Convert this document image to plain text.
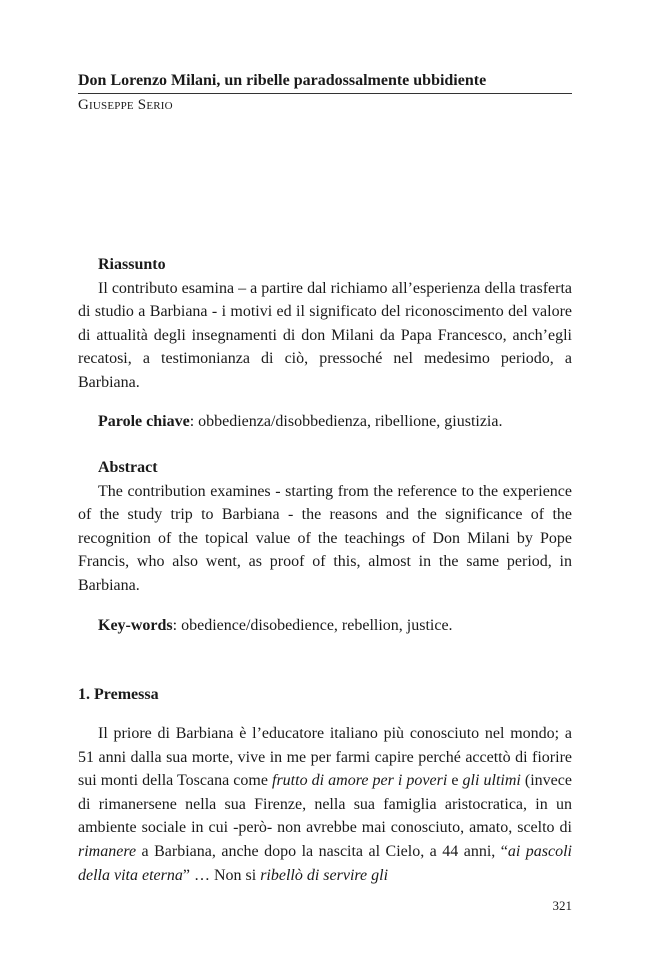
Don Lorenzo Milani, un ribelle paradossalmente ubbidiente
Giuseppe Serio
Riassunto

Il contributo esamina – a partire dal richiamo all’esperienza della trasferta di studio a Barbiana - i motivi ed il significato del riconoscimento del valore di attualità degli insegnamenti di don Milani da Papa Francesco, anch’egli recatosi, a testimonianza di ciò, pressoché nel medesimo periodo, a Barbiana.

Parole chiave: obbedienza/disobbedienza, ribellione, giustizia.
Abstract

The contribution examines - starting from the reference to the experience of the study trip to Barbiana - the reasons and the significance of the recognition of the topical value of the teachings of Don Milani by Pope Francis, who also went, as proof of this, almost in the same period, in Barbiana.

Key-words: obedience/disobedience, rebellion, justice.
1. Premessa

Il priore di Barbiana è l’educatore italiano più conosciuto nel mondo; a 51 anni dalla sua morte, vive in me per farmi capire perché accettò di fiorire sui monti della Toscana come frutto di amore per i poveri e gli ultimi (invece di rimanersene nella sua Firenze, nella sua famiglia aristocratica, in un ambiente sociale in cui -però- non avrebbe mai conosciuto, amato, scelto di rimanere a Barbiana, anche dopo la nascita al Cielo, a 44 anni, “ai pascoli della vita eterna” … Non si ribellò di servire gli

321
